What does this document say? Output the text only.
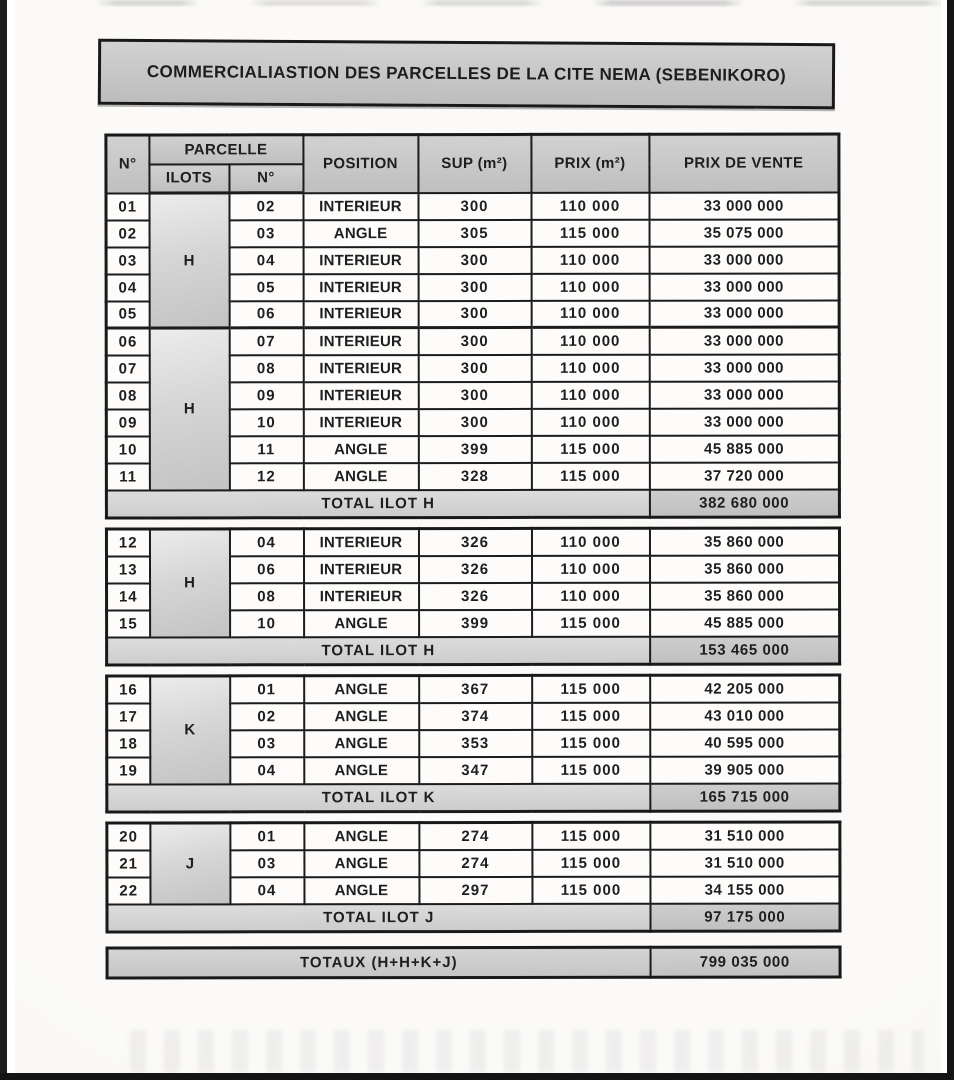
COMMERCIALIASTION DES PARCELLES DE LA CITE NEMA (SEBENIKORO)
N°	PARCELLE		POSITION	SUP (m²)	PRIX (m²)	PRIX DE VENTE
	ILOTS	N°				
01	H	02	INTERIEUR	300	110 000	33 000 000
02		03	ANGLE	305	115 000	35 075 000
03		04	INTERIEUR	300	110 000	33 000 000
04		05	INTERIEUR	300	110 000	33 000 000
05		06	INTERIEUR	300	110 000	33 000 000
06	H	07	INTERIEUR	300	110 000	33 000 000
07		08	INTERIEUR	300	110 000	33 000 000
08		09	INTERIEUR	300	110 000	33 000 000
09		10	INTERIEUR	300	110 000	33 000 000
10		11	ANGLE	399	115 000	45 885 000
11		12	ANGLE	328	115 000	37 720 000
TOTAL ILOT H						382 680 000
12	H	04	INTERIEUR	326	110 000	35 860 000
13		06	INTERIEUR	326	110 000	35 860 000
14		08	INTERIEUR	326	110 000	35 860 000
15		10	ANGLE	399	115 000	45 885 000
TOTAL ILOT H						153 465 000
16	K	01	ANGLE	367	115 000	42 205 000
17		02	ANGLE	374	115 000	43 010 000
18		03	ANGLE	353	115 000	40 595 000
19		04	ANGLE	347	115 000	39 905 000
TOTAL ILOT K						165 715 000
20	J	01	ANGLE	274	115 000	31 510 000
21		03	ANGLE	274	115 000	31 510 000
22		04	ANGLE	297	115 000	34 155 000
TOTAL ILOT J						97 175 000
TOTAUX (H+H+K+J)	799 035 000
